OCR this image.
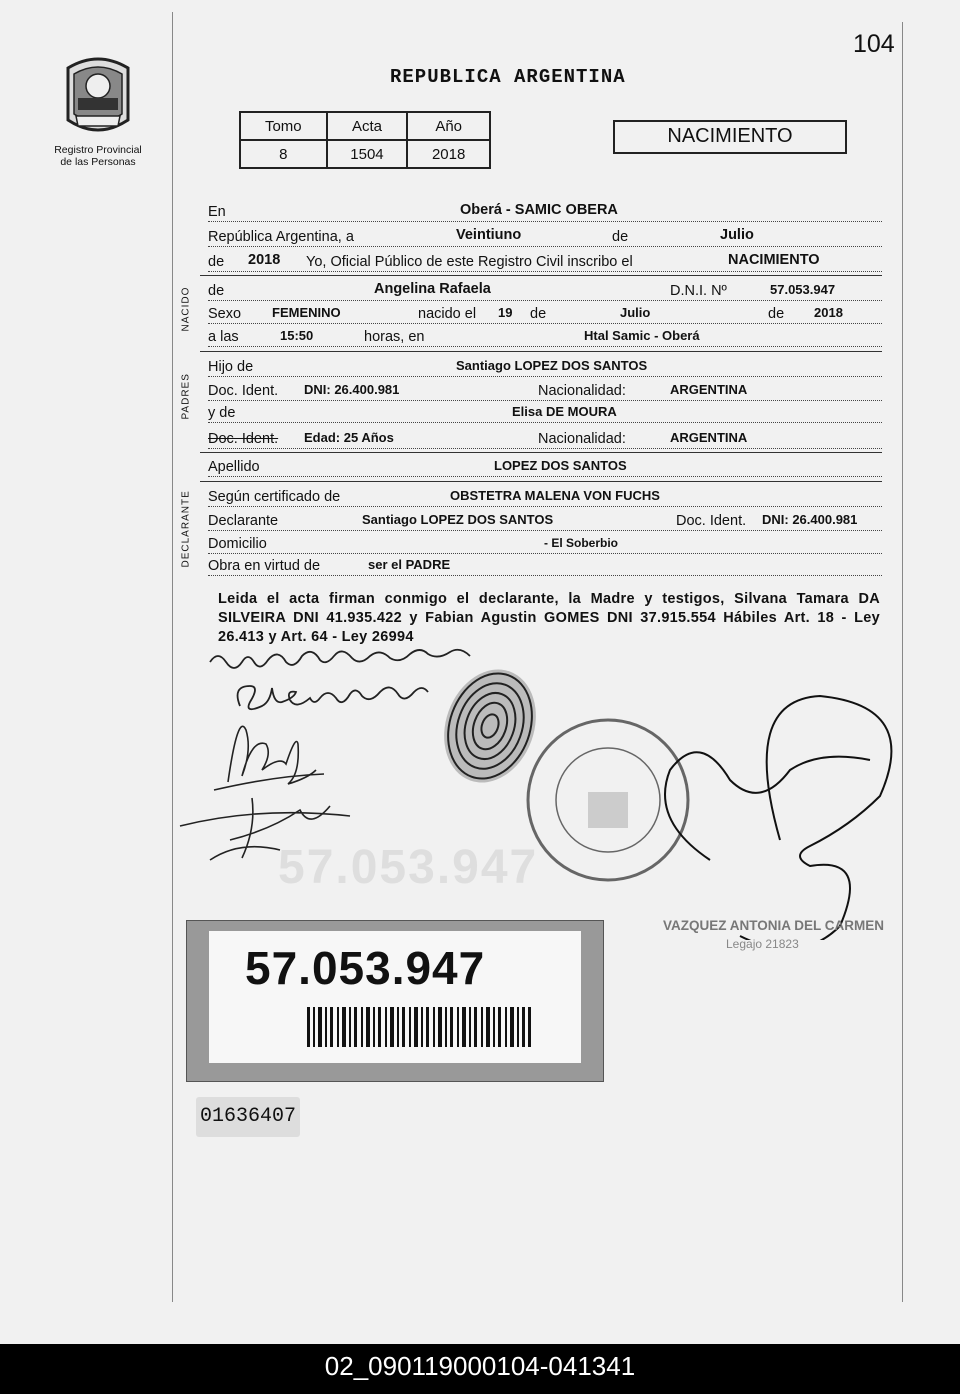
104
Registro Provincial
de las Personas
REPUBLICA ARGENTINA
Tomo	Acta	Año
8	1504	2018
NACIMIENTO
En	Oberá - SAMIC OBERA
República Argentina, a	Veintiuno	de	Julio
de 2018 Yo, Oficial Público de este Registro Civil inscribo el	NACIMIENTO
NACIDO de	Angelina Rafaela	D.N.I. Nº	57.053.947
Sexo FEMENINO	nacido el 19 de	Julio	de 2018
a las	15:50	horas, en	Htal Samic - Oberá
PADRES
Hijo de	Santiago LOPEZ DOS SANTOS
Doc. Ident. DNI: 26.400.981	Nacionalidad:	ARGENTINA
y de	Elisa DE MOURA
Doc. Ident. Edad: 25 Años	Nacionalidad:	ARGENTINA
Apellido	LOPEZ DOS SANTOS
DECLARANTE Según certificado de	OBSTETRA MALENA VON FUCHS
Declarante	Santiago LOPEZ DOS SANTOS	Doc. Ident. DNI: 26.400.981
Domicilio	- El Soberbio
Obra en virtud de	ser el PADRE
Leida el acta firman conmigo el declarante, la Madre y testigos, Silvana Tamara DA SILVEIRA DNI 41.935.422 y Fabian Agustin GOMES DNI 37.915.554 Hábiles Art. 18 - Ley 26.413 y Art. 64 - Ley 26994
VAZQUEZ ANTONIA DEL CARMEN
Legajo 21823
57.053.947
57.053.947
01636407
02_090119000104-041341
